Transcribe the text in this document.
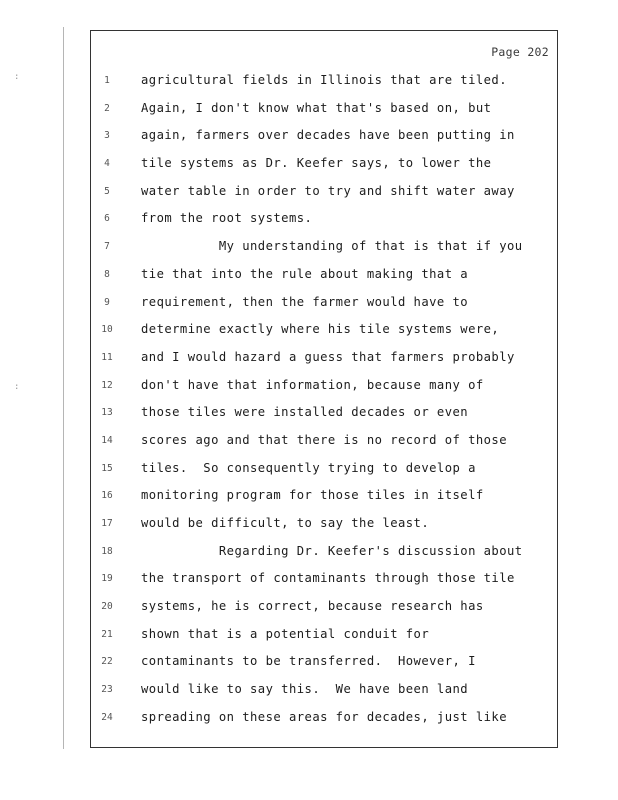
:
:
Page 202
1	agricultural fields in Illinois that are tiled.
2	Again, I don't know what that's based on, but
3	again, farmers over decades have been putting in
4	tile systems as Dr. Keefer says, to lower the
5	water table in order to try and shift water away
6	from the root systems.
7	My understanding of that is that if you
8	tie that into the rule about making that a
9	requirement, then the farmer would have to
10	determine exactly where his tile systems were,
11	and I would hazard a guess that farmers probably
12	don't have that information, because many of
13	those tiles were installed decades or even
14	scores ago and that there is no record of those
15	tiles.  So consequently trying to develop a
16	monitoring program for those tiles in itself
17	would be difficult, to say the least.
18	Regarding Dr. Keefer's discussion about
19	the transport of contaminants through those tile
20	systems, he is correct, because research has
21	shown that is a potential conduit for
22	contaminants to be transferred.  However, I
23	would like to say this.  We have been land
24	spreading on these areas for decades, just like
